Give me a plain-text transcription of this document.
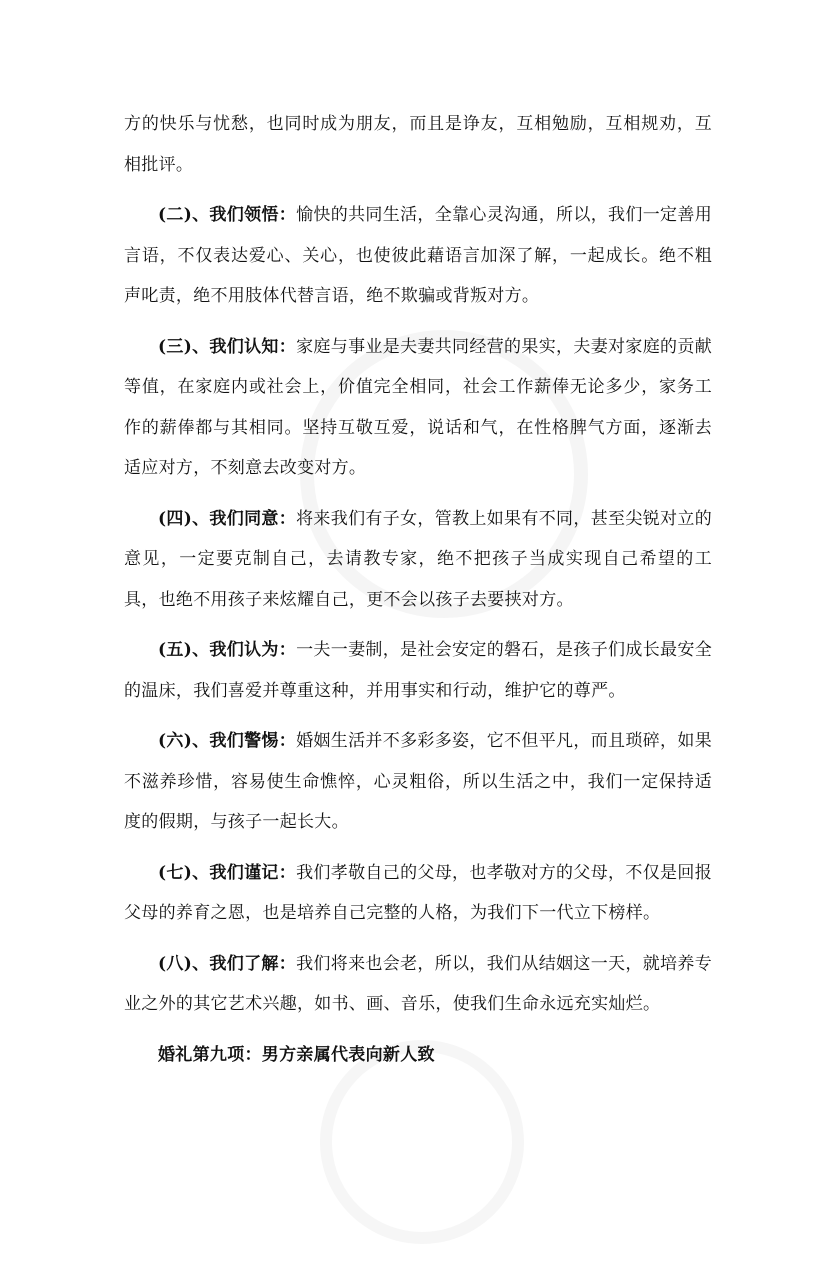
方的快乐与忧愁，也同时成为朋友，而且是诤友，互相勉励，互相规劝，互相批评。

(二)、我们领悟：愉快的共同生活，全靠心灵沟通，所以，我们一定善用言语，不仅表达爱心、关心，也使彼此藉语言加深了解，一起成长。绝不粗声叱责，绝不用肢体代替言语，绝不欺骗或背叛对方。

(三)、我们认知：家庭与事业是夫妻共同经营的果实，夫妻对家庭的贡献等值，在家庭内或社会上，价值完全相同，社会工作薪俸无论多少，家务工作的薪俸都与其相同。坚持互敬互爱，说话和气，在性格脾气方面，逐渐去适应对方，不刻意去改变对方。

(四)、我们同意：将来我们有子女，管教上如果有不同，甚至尖锐对立的意见，一定要克制自己，去请教专家，绝不把孩子当成实现自己希望的工具，也绝不用孩子来炫耀自己，更不会以孩子去要挟对方。

(五)、我们认为：一夫一妻制，是社会安定的磐石，是孩子们成长最安全的温床，我们喜爱并尊重这种，并用事实和行动，维护它的尊严。

(六)、我们警惕：婚姻生活并不多彩多姿，它不但平凡，而且琐碎，如果不滋养珍惜，容易使生命憔悴，心灵粗俗，所以生活之中，我们一定保持适度的假期，与孩子一起长大。

(七)、我们谨记：我们孝敬自己的父母，也孝敬对方的父母，不仅是回报父母的养育之恩，也是培养自己完整的人格，为我们下一代立下榜样。

(八)、我们了解：我们将来也会老，所以，我们从结姻这一天，就培养专业之外的其它艺术兴趣，如书、画、音乐，使我们生命永远充实灿烂。

婚礼第九项：男方亲属代表向新人致
